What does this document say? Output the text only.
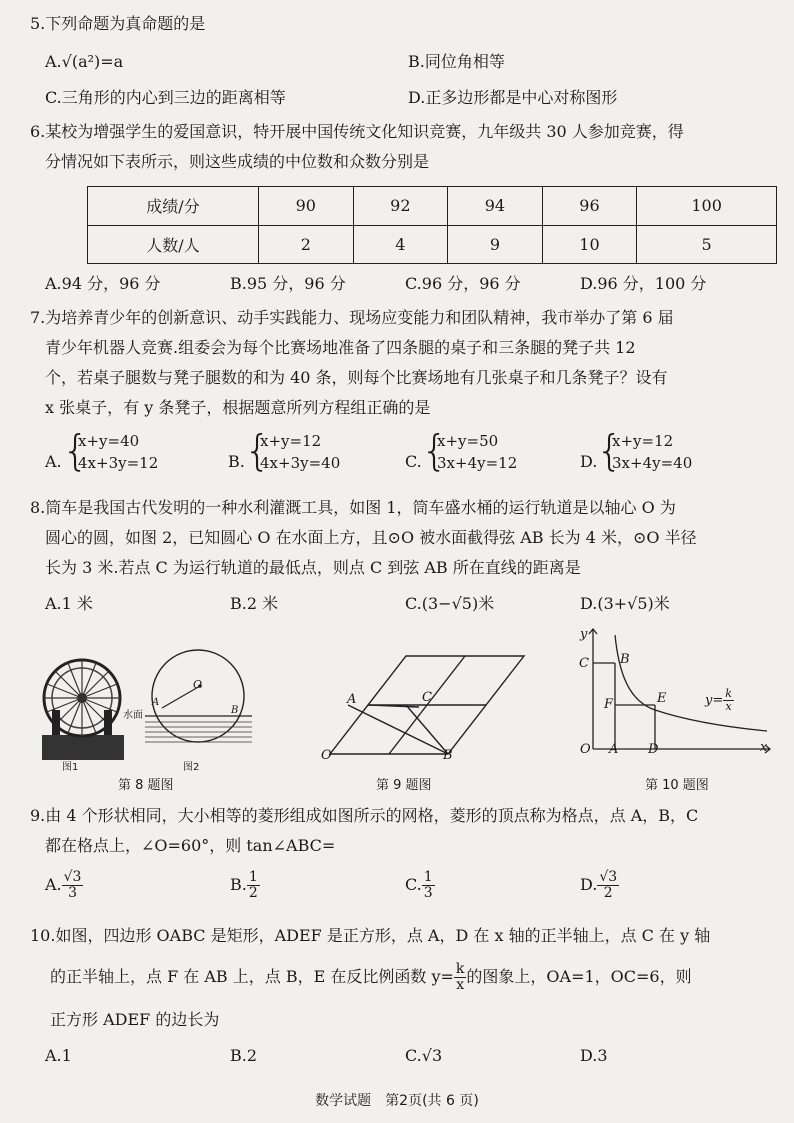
5.下列命题为真命题的是
A.√(a²)=a	B.同位角相等
C.三角形的内心到三边的距离相等	D.正多边形都是中心对称图形
6.某校为增强学生的爱国意识，特开展中国传统文化知识竞赛，九年级共 30 人参加竞赛，得
分情况如下表所示，则这些成绩的中位数和众数分别是
成绩/分	90	92	94	96	100
人数/人	2	4	9	10	5
A.94 分，96 分	B.95 分，96 分	C.96 分，96 分	D.96 分，100 分
7.为培养青少年的创新意识、动手实践能力、现场应变能力和团队精神，我市举办了第 6 届
青少年机器人竞赛.组委会为每个比赛场地准备了四条腿的桌子和三条腿的凳子共 12
个，若桌子腿数与凳子腿数的和为 40 条，则每个比赛场地有几张桌子和几条凳子？设有
x 张桌子，有 y 条凳子，根据题意所列方程组正确的是
A. {
x+y=40
4x+3y=12	B. {
x+y=12
4x+3y=40	C. {
x+y=50
3x+4y=12	D.
{
x+y=12
3x+4y=40
8.筒车是我国古代发明的一种水利灌溉工具，如图 1，筒车盛水桶的运行轨道是以轴心 O 为
圆心的圆，如图 2，已知圆心 O 在水面上方，且⊙O 被水面截得弦 AB 长为 4 米，⊙O 半径
长为 3 米.若点 C 为运行轨道的最低点，则点 C 到弦 AB 所在直线的距离是
A.1 米	B.2 米	C.(3−√5)米	D.(3+√5)米
O
A
B
水面
图1	图2
第 8 题图
A	C
O	B
第 9 题图
y
x
O
C B
F	E
A D
$y= \frac{k}{x}$
第 10 题图
9.由 4 个形状相同，大小相等的菱形组成如图所示的网格，菱形的顶点称为格点，点 A，B，C
都在格点上，∠O=60°，则 tan∠ABC=
A. $\frac{√3}{3}$	B. $\frac{1}{2}$	C. $\frac{1}{3}$	D. $\frac{√3}{2}$
10.如图，四边形 OABC 是矩形，ADEF 是正方形，点 A，D 在 x 轴的正半轴上，点 C 在 y 轴
的正半轴上，点 F 在 AB 上，点 B，E 在反比例函数 $y= \frac{k}{x}$ 的图象上，OA=1，OC=6，则
正方形 ADEF 的边长为
A.1	B.2	C.√3	D.3
数学试题　第2页(共 6 页)
